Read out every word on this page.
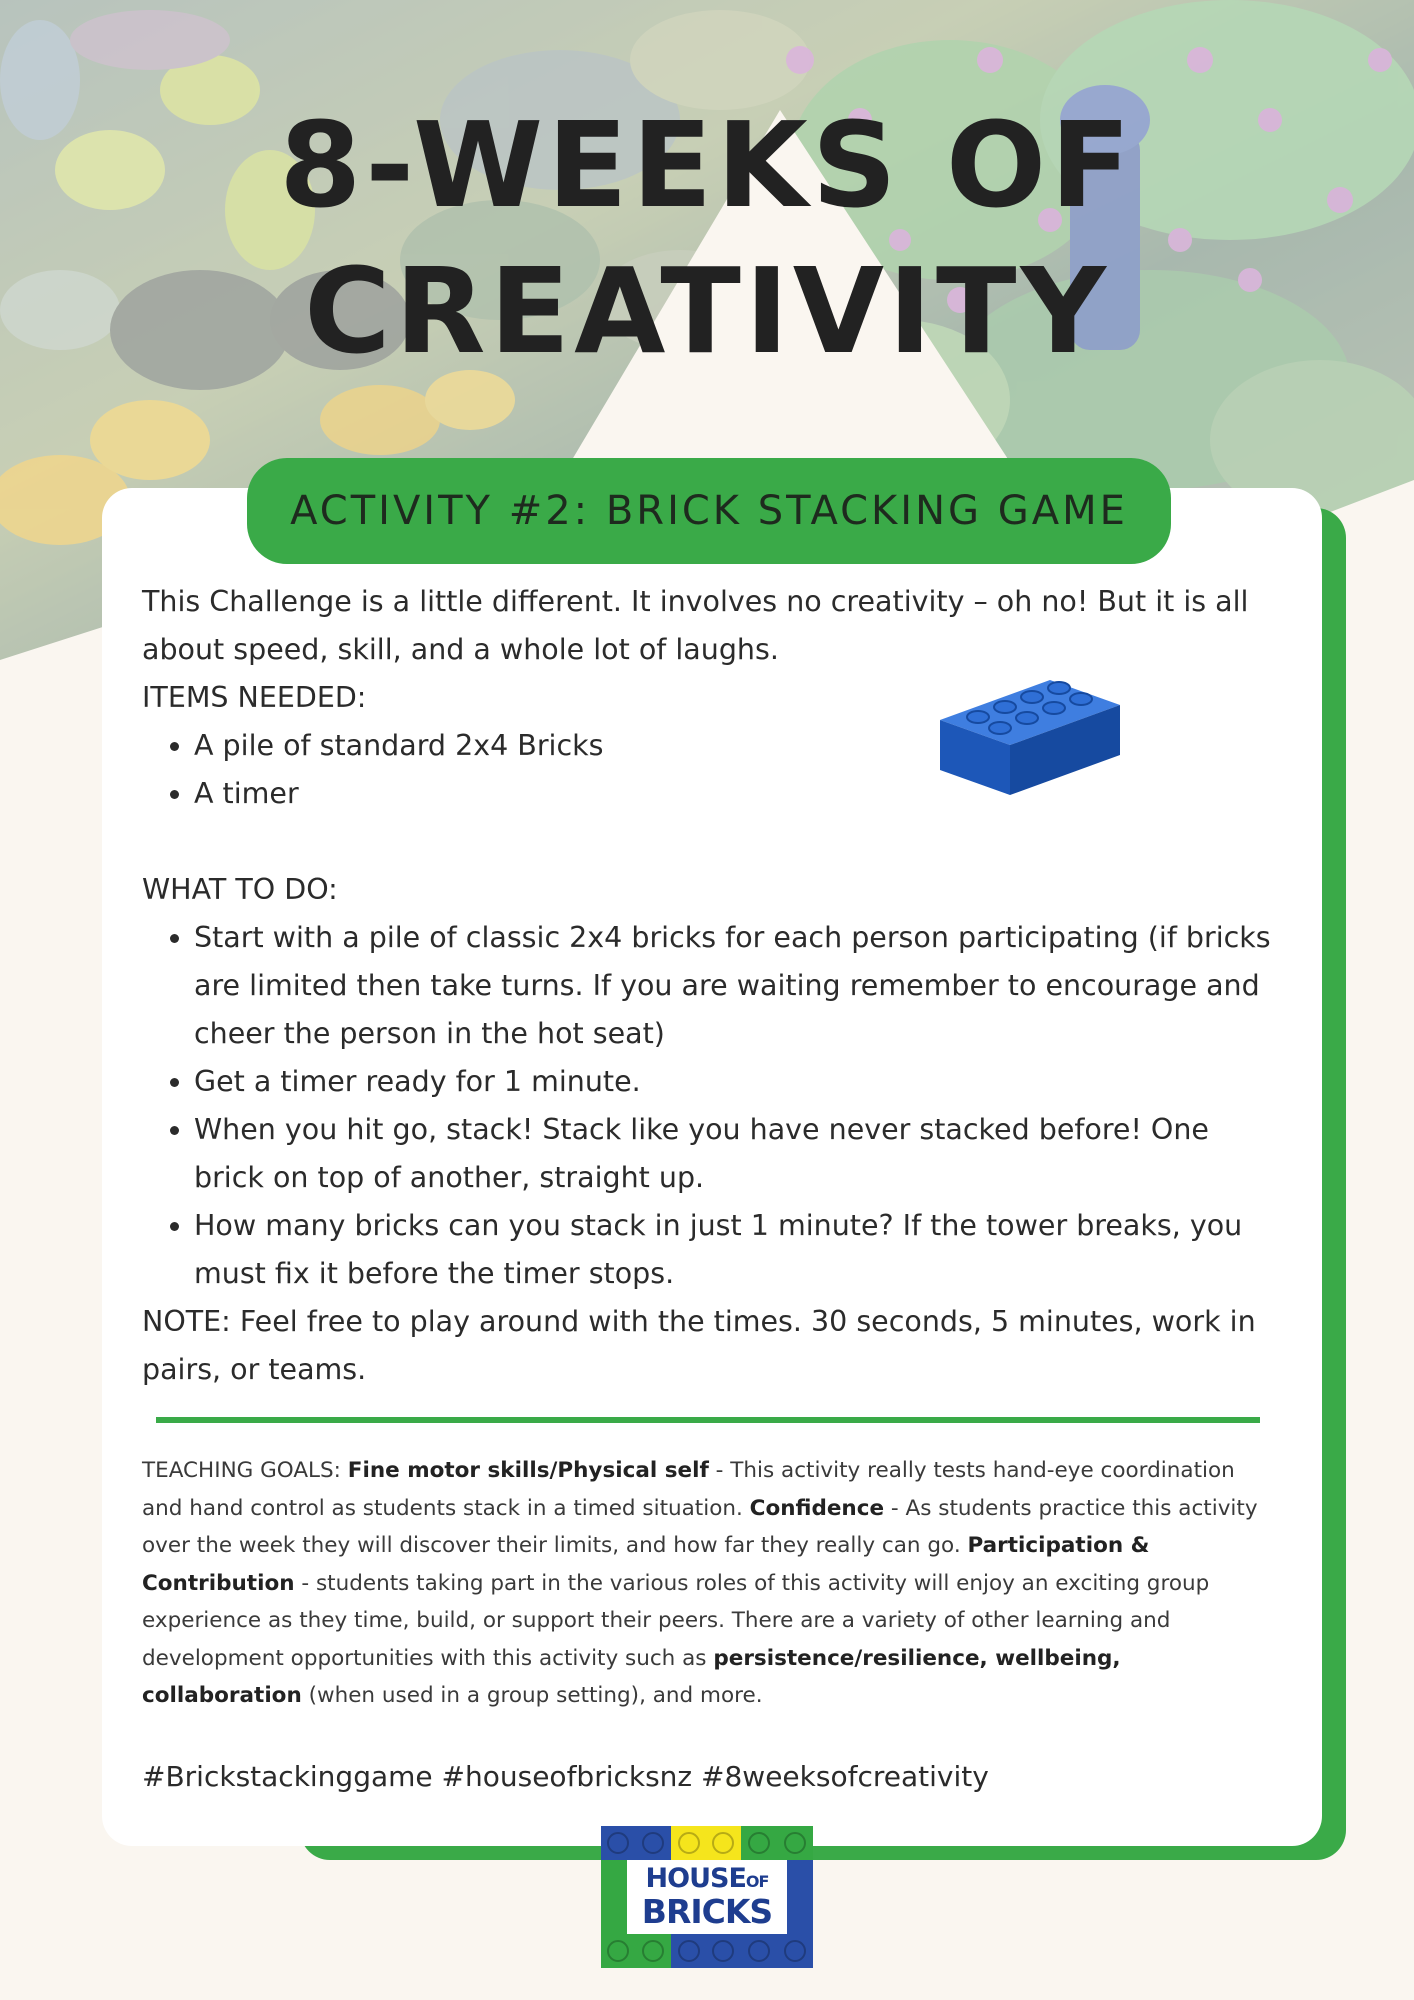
8-WEEKS OF
CREATIVITY
ACTIVITY #2: BRICK STACKING GAME

This Challenge is a little different. It involves no creativity – oh no! But it is all about speed, skill, and a whole lot of laughs.

ITEMS NEEDED:

• A pile of standard 2x4 Bricks
• A timer

WHAT TO DO:

• Start with a pile of classic 2x4 bricks for each person participating (if bricks are limited then take turns. If you are waiting remember to encourage and cheer the person in the hot seat)
• Get a timer ready for 1 minute.
• When you hit go, stack! Stack like you have never stacked before! One brick on top of another, straight up.
• How many bricks can you stack in just 1 minute? If the tower breaks, you must fix it before the timer stops.

NOTE: Feel free to play around with the times. 30 seconds, 5 minutes, work in pairs, or teams.

TEACHING GOALS: Fine motor skills/Physical self - This activity really tests hand-eye coordination and hand control as students stack in a timed situation. Confidence - As students practice this activity over the week they will discover their limits, and how far they really can go. Participation & Contribution - students taking part in the various roles of this activity will enjoy an exciting group experience as they time, build, or support their peers. There are a variety of other learning and development opportunities with this activity such as persistence/resilience, wellbeing, collaboration (when used in a group setting), and more.

#Brickstackinggame #houseofbricksnz #8weeksofcreativity

HOUSEOF
BRICKS
